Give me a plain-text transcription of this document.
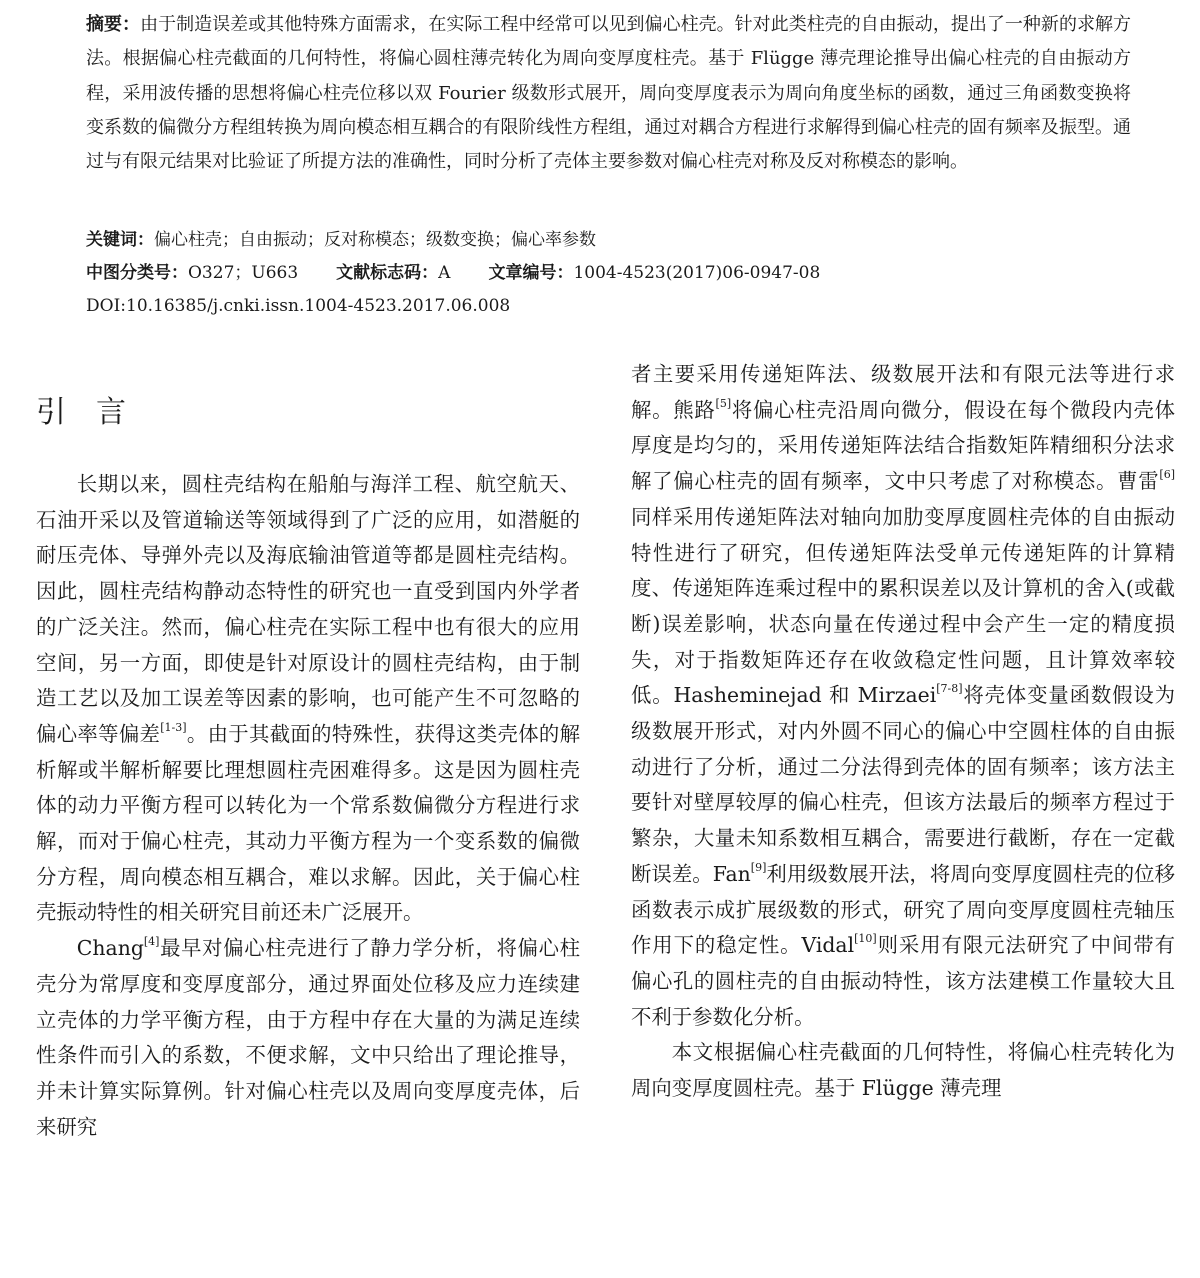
摘要：由于制造误差或其他特殊方面需求，在实际工程中经常可以见到偏心柱壳。针对此类柱壳的自由振动，提出了一种新的求解方法。根据偏心柱壳截面的几何特性，将偏心圆柱薄壳转化为周向变厚度柱壳。基于 Flügge 薄壳理论推导出偏心柱壳的自由振动方程，采用波传播的思想将偏心柱壳位移以双 Fourier 级数形式展开，周向变厚度表示为周向角度坐标的函数，通过三角函数变换将变系数的偏微分方程组转换为周向模态相互耦合的有限阶线性方程组，通过对耦合方程进行求解得到偏心柱壳的固有频率及振型。通过与有限元结果对比验证了所提方法的准确性，同时分析了壳体主要参数对偏心柱壳对称及反对称模态的影响。
关键词：偏心柱壳；自由振动；反对称模态；级数变换；偏心率参数
中图分类号：O327；U663 文献标志码：A 文章编号：1004-4523(2017)06-0947-08
DOI:10.16385/j.cnki.issn.1004-4523.2017.06.008
引言

长期以来，圆柱壳结构在船舶与海洋工程、航空航天、石油开采以及管道输送等领域得到了广泛的应用，如潜艇的耐压壳体、导弹外壳以及海底输油管道等都是圆柱壳结构。因此，圆柱壳结构静动态特性的研究也一直受到国内外学者的广泛关注。然而，偏心柱壳在实际工程中也有很大的应用空间，另一方面，即使是针对原设计的圆柱壳结构，由于制造工艺以及加工误差等因素的影响，也可能产生不可忽略的偏心率等偏差[1-3]。由于其截面的特殊性，获得这类壳体的解析解或半解析解要比理想圆柱壳困难得多。这是因为圆柱壳体的动力平衡方程可以转化为一个常系数偏微分方程进行求解，而对于偏心柱壳，其动力平衡方程为一个变系数的偏微分方程，周向模态相互耦合，难以求解。因此，关于偏心柱壳振动特性的相关研究目前还未广泛展开。

Chang[4]最早对偏心柱壳进行了静力学分析，将偏心柱壳分为常厚度和变厚度部分，通过界面处位移及应力连续建立壳体的力学平衡方程，由于方程中存在大量的为满足连续性条件而引入的系数，不便求解，文中只给出了理论推导，并未计算实际算例。针对偏心柱壳以及周向变厚度壳体，后来研究

者主要采用传递矩阵法、级数展开法和有限元法等进行求解。熊路[5]将偏心柱壳沿周向微分，假设在每个微段内壳体厚度是均匀的，采用传递矩阵法结合指数矩阵精细积分法求解了偏心柱壳的固有频率，文中只考虑了对称模态。曹雷[6]同样采用传递矩阵法对轴向加肋变厚度圆柱壳体的自由振动特性进行了研究，但传递矩阵法受单元传递矩阵的计算精度、传递矩阵连乘过程中的累积误差以及计算机的舍入(或截断)误差影响，状态向量在传递过程中会产生一定的精度损失，对于指数矩阵还存在收敛稳定性问题，且计算效率较低。Hasheminejad 和 Mirzaei[7-8]将壳体变量函数假设为级数展开形式，对内外圆不同心的偏心中空圆柱体的自由振动进行了分析，通过二分法得到壳体的固有频率；该方法主要针对壁厚较厚的偏心柱壳，但该方法最后的频率方程过于繁杂，大量未知系数相互耦合，需要进行截断，存在一定截断误差。Fan[9]利用级数展开法，将周向变厚度圆柱壳的位移函数表示成扩展级数的形式，研究了周向变厚度圆柱壳轴压作用下的稳定性。Vidal[10]则采用有限元法研究了中间带有偏心孔的圆柱壳的自由振动特性，该方法建模工作量较大且不利于参数化分析。

本文根据偏心柱壳截面的几何特性，将偏心柱壳转化为周向变厚度圆柱壳。基于 Flügge 薄壳理
